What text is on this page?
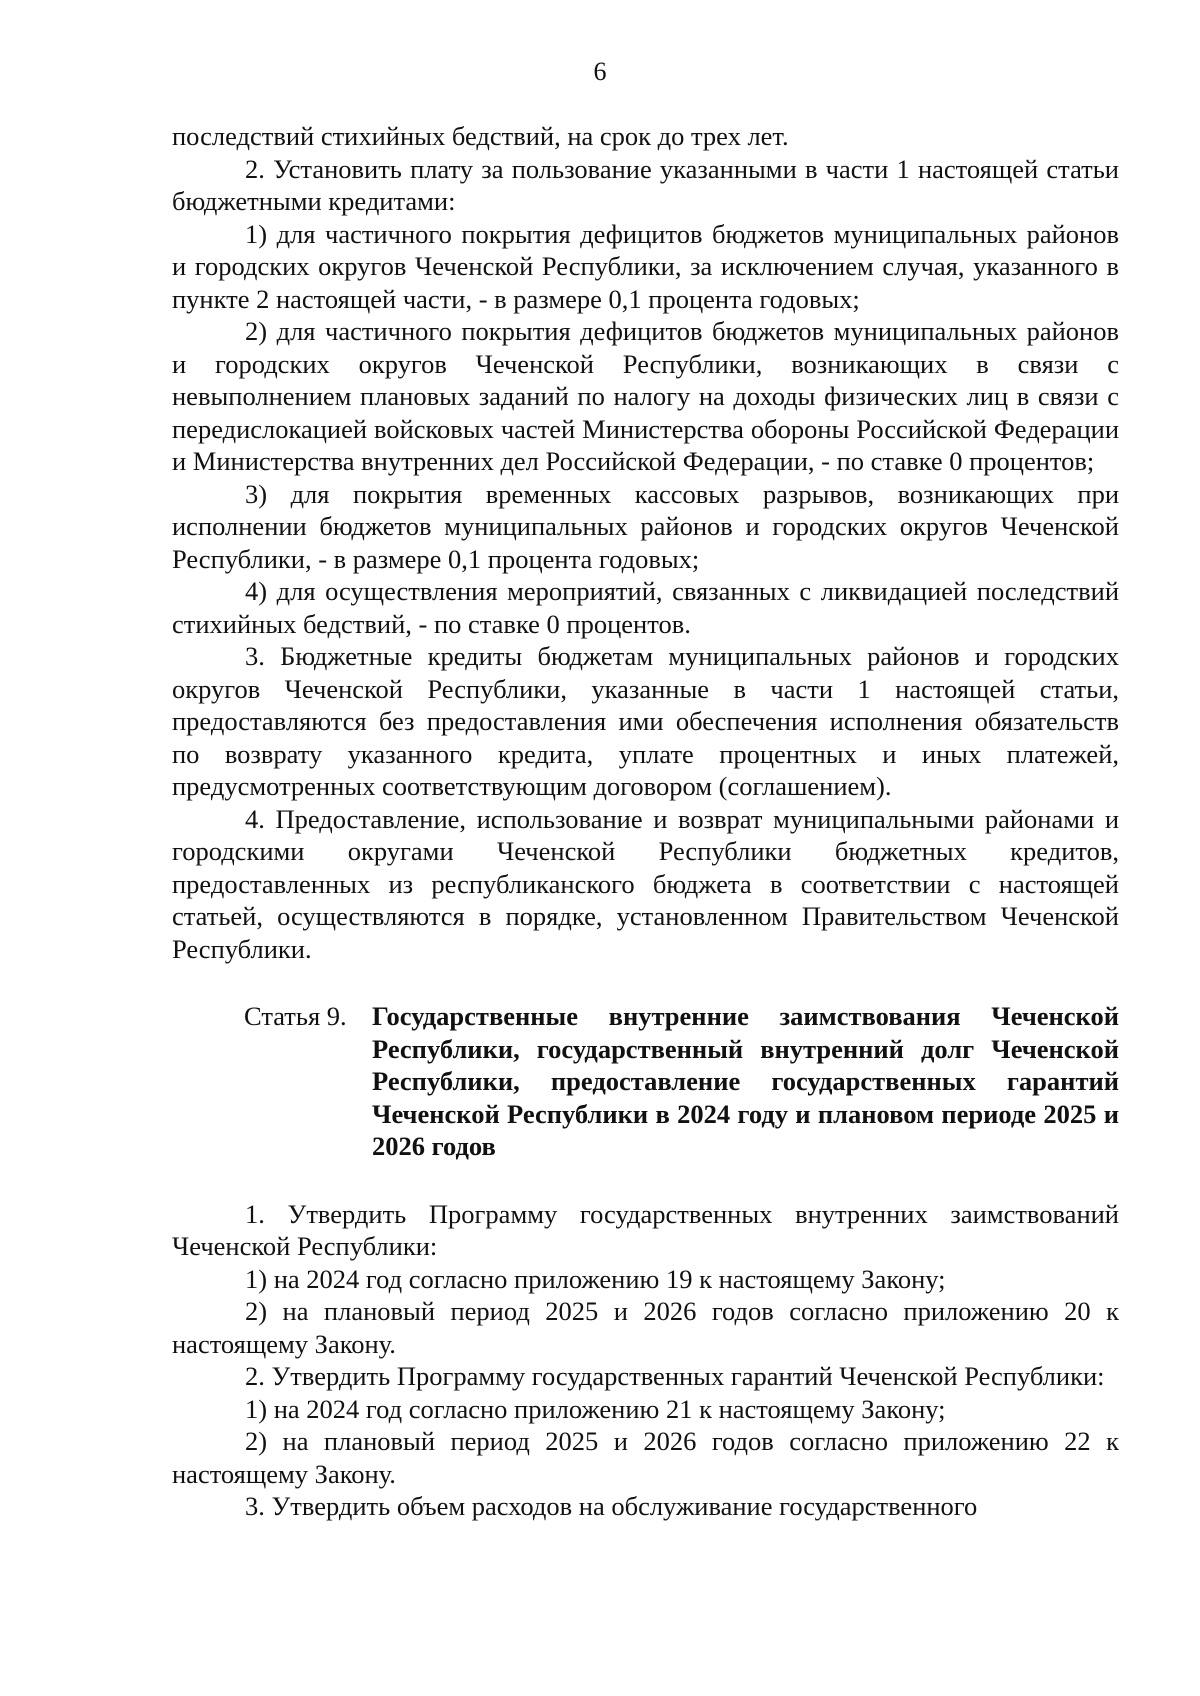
6

последствий стихийных бедствий, на срок до трех лет.

2. Установить плату за пользование указанными в части 1 настоящей статьи бюджетными кредитами:

1) для частичного покрытия дефицитов бюджетов муниципальных районов и городских округов Чеченской Республики, за исключением случая, указанного в пункте 2 настоящей части, - в размере 0,1 процента годовых;

2) для частичного покрытия дефицитов бюджетов муниципальных районов и городских округов Чеченской Республики, возникающих в связи с невыполнением плановых заданий по налогу на доходы физических лиц в связи с передислокацией войсковых частей Министерства обороны Российской Федерации и Министерства внутренних дел Российской Федерации, - по ставке 0 процентов;

3) для покрытия временных кассовых разрывов, возникающих при исполнении бюджетов муниципальных районов и городских округов Чеченской Республики, - в размере 0,1 процента годовых;

4) для осуществления мероприятий, связанных с ликвидацией последствий стихийных бедствий, - по ставке 0 процентов.

3. Бюджетные кредиты бюджетам муниципальных районов и городских округов Чеченской Республики, указанные в части 1 настоящей статьи, предоставляются без предоставления ими обеспечения исполнения обязательств по возврату указанного кредита, уплате процентных и иных платежей, предусмотренных соответствующим договором (соглашением).

4. Предоставление, использование и возврат муниципальными районами и городскими округами Чеченской Республики бюджетных кредитов, предоставленных из республиканского бюджета в соответствии с настоящей статьей, осуществляются в порядке, установленном Правительством Чеченской Республики.

Статья 9. Государственные внутренние заимствования Чеченской Республики, государственный внутренний долг Чеченской Республики, предоставление государственных гарантий Чеченской Республики в 2024 году и плановом периоде 2025 и 2026 годов

1. Утвердить Программу государственных внутренних заимствований Чеченской Республики:

1) на 2024 год согласно приложению 19 к настоящему Закону;

2) на плановый период 2025 и 2026 годов согласно приложению 20 к настоящему Закону.

2. Утвердить Программу государственных гарантий Чеченской Республики:

1) на 2024 год согласно приложению 21 к настоящему Закону;

2) на плановый период 2025 и 2026 годов согласно приложению 22 к настоящему Закону.

3. Утвердить объем расходов на обслуживание государственного
